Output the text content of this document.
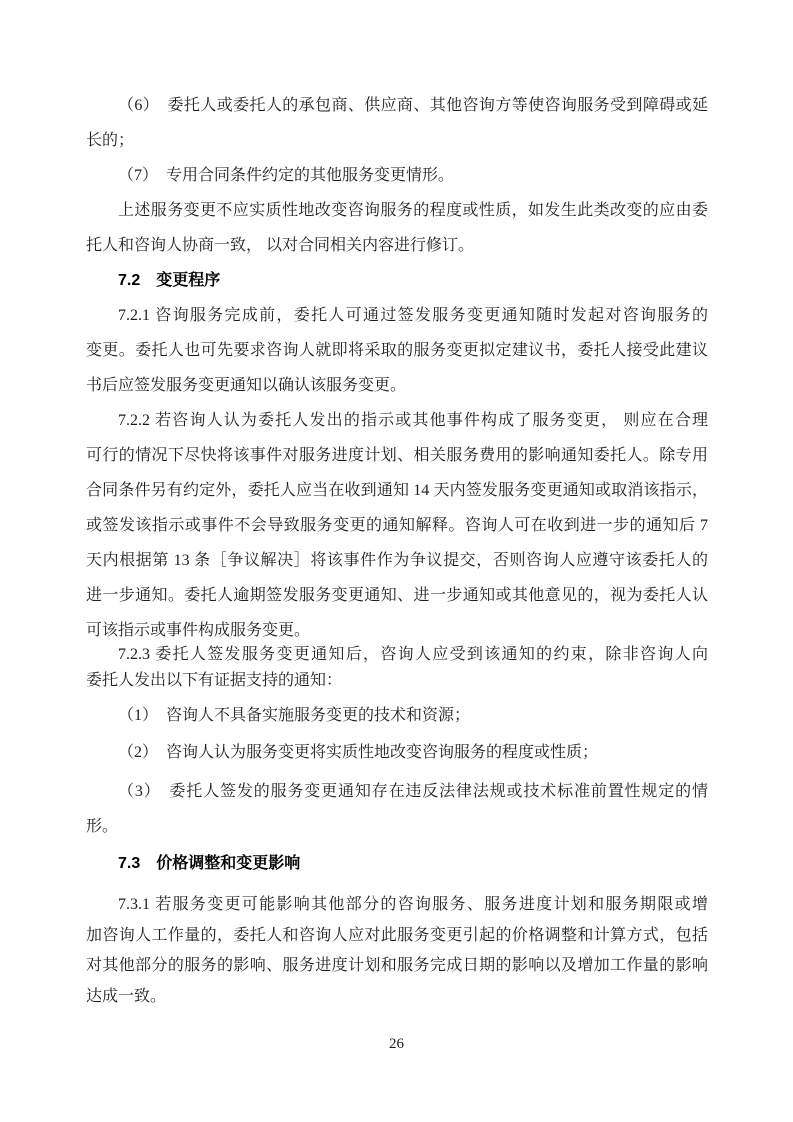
（6）　委托人或委托人的承包商、供应商、其他咨询方等使咨询服务受到障碍或延
长的；
（7）　专用合同条件约定的其他服务变更情形。
上述服务变更不应实质性地改变咨询服务的程度或性质，如发生此类改变的应由委
托人和咨询人协商一致， 以对合同相关内容进行修订。
7.2　变更程序
7.2.1 咨询服务完成前，委托人可通过签发服务变更通知随时发起对咨询服务的
变更。委托人也可先要求咨询人就即将采取的服务变更拟定建议书，委托人接受此建议
书后应签发服务变更通知以确认该服务变更。
7.2.2 若咨询人认为委托人发出的指示或其他事件构成了服务变更， 则应在合理
可行的情况下尽快将该事件对服务进度计划、相关服务费用的影响通知委托人。除专用
合同条件另有约定外，委托人应当在收到通知 14 天内签发服务变更通知或取消该指示，
或签发该指示或事件不会导致服务变更的通知解释。咨询人可在收到进一步的通知后 7
天内根据第 13 条［争议解决］将该事件作为争议提交，否则咨询人应遵守该委托人的
进一步通知。委托人逾期签发服务变更通知、进一步通知或其他意见的，视为委托人认
可该指示或事件构成服务变更。
7.2.3 委托人签发服务变更通知后，咨询人应受到该通知的约束，除非咨询人向
委托人发出以下有证据支持的通知：
（1）　咨询人不具备实施服务变更的技术和资源；
（2）　咨询人认为服务变更将实质性地改变咨询服务的程度或性质；
（3）　委托人签发的服务变更通知存在违反法律法规或技术标准前置性规定的情
形。
7.3　价格调整和变更影响
7.3.1 若服务变更可能影响其他部分的咨询服务、服务进度计划和服务期限或增
加咨询人工作量的，委托人和咨询人应对此服务变更引起的价格调整和计算方式，包括
对其他部分的服务的影响、服务进度计划和服务完成日期的影响以及增加工作量的影响
达成一致。
26
